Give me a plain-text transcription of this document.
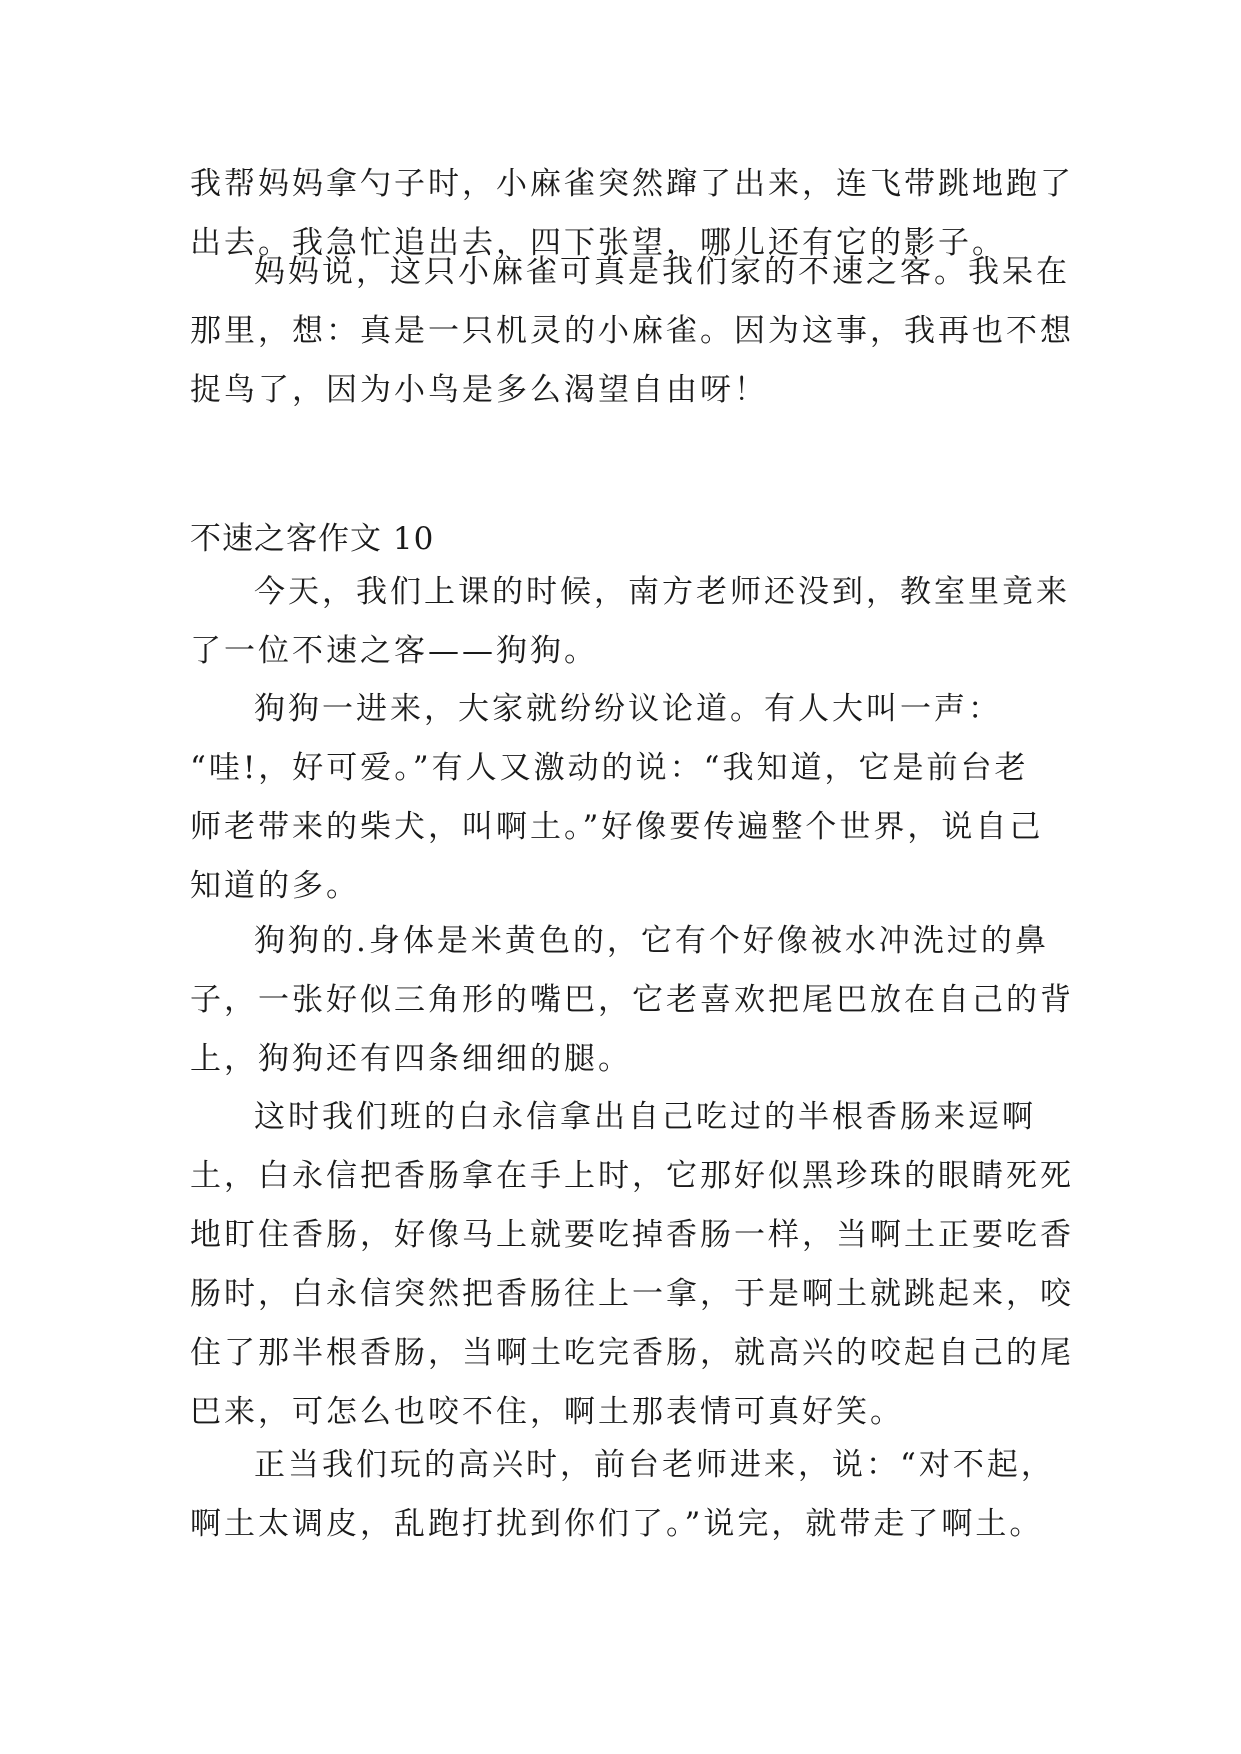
我帮妈妈拿勺子时，小麻雀突然蹿了出来，连飞带跳地跑了
出去。我急忙追出去，四下张望，哪儿还有它的影子。
妈妈说，这只小麻雀可真是我们家的不速之客。我呆在
那里，想：真是一只机灵的小麻雀。因为这事，我再也不想
捉鸟了，因为小鸟是多么渴望自由呀！
不速之客作文 10
今天，我们上课的时候，南方老师还没到，教室里竟来
了一位不速之客——狗狗。
狗狗一进来，大家就纷纷议论道。有人大叫一声：
“哇!，好可爱。”有人又激动的说：“我知道，它是前台老
师老带来的柴犬，叫啊土。”好像要传遍整个世界，说自己
知道的多。
狗狗的.身体是米黄色的，它有个好像被水冲洗过的鼻
子，一张好似三角形的嘴巴，它老喜欢把尾巴放在自己的背
上，狗狗还有四条细细的腿。
这时我们班的白永信拿出自己吃过的半根香肠来逗啊
土，白永信把香肠拿在手上时，它那好似黑珍珠的眼睛死死
地盯住香肠，好像马上就要吃掉香肠一样，当啊土正要吃香
肠时，白永信突然把香肠往上一拿，于是啊土就跳起来，咬
住了那半根香肠，当啊土吃完香肠，就高兴的咬起自己的尾
巴来，可怎么也咬不住，啊土那表情可真好笑。
正当我们玩的高兴时，前台老师进来，说：“对不起，
啊土太调皮，乱跑打扰到你们了。”说完，就带走了啊土。
